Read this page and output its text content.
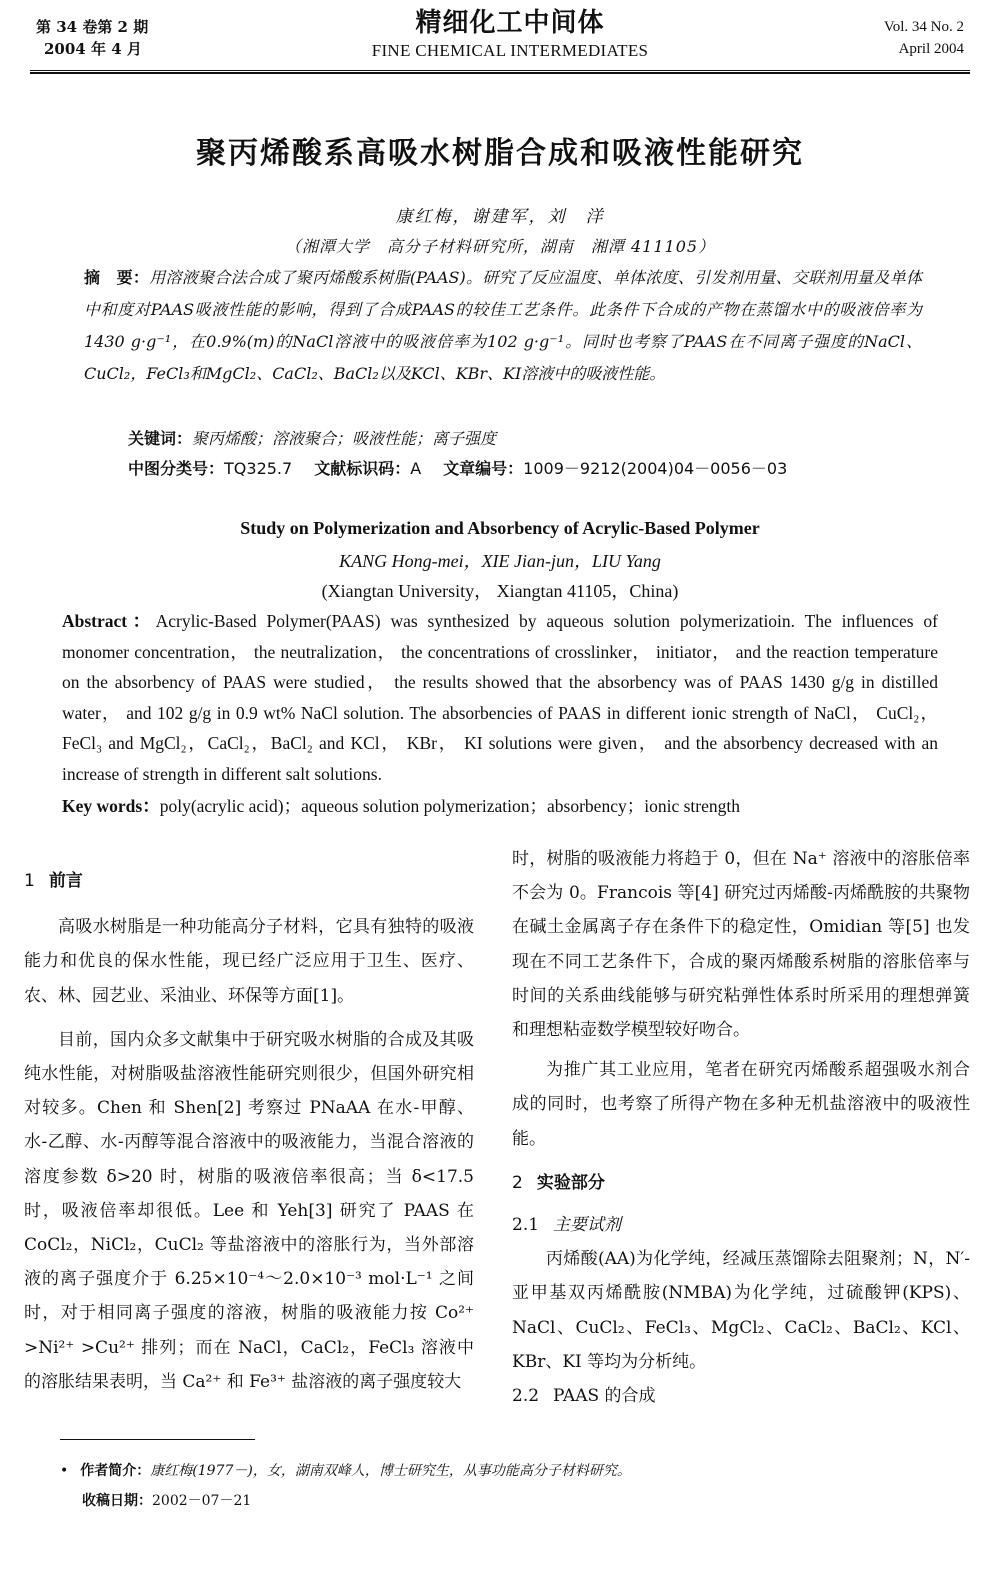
第 34 卷第 2 期
2004 年 4 月
精细化工中间体
FINE CHEMICAL INTERMEDIATES
Vol. 34 No. 2
April 2004
聚丙烯酸系高吸水树脂合成和吸液性能研究
康红梅，谢建军，刘　洋
（湘潭大学　高分子材料研究所，湖南　湘潭 411105）
摘　要：用溶液聚合法合成了聚丙烯酸系树脂(PAAS)。研究了反应温度、单体浓度、引发剂用量、交联剂用量及单体中和度对PAAS吸液性能的影响，得到了合成PAAS的较佳工艺条件。此条件下合成的产物在蒸馏水中的吸液倍率为1430 g·g⁻¹，在0.9%(m)的NaCl溶液中的吸液倍率为102 g·g⁻¹。同时也考察了PAAS在不同离子强度的NaCl、CuCl₂，FeCl₃和MgCl₂、CaCl₂、BaCl₂以及KCl、KBr、KI溶液中的吸液性能。
关键词：聚丙烯酸；溶液聚合；吸液性能；离子强度
中图分类号：TQ325.7 文献标识码：A 文章编号：1009－9212(2004)04－0056－03
Study on Polymerization and Absorbency of Acrylic-Based Polymer
KANG Hong-mei，XIE Jian-jun，LIU Yang
(Xiangtan University， Xiangtan 41105，China)
Abstract：Acrylic-Based Polymer(PAAS) was synthesized by aqueous solution polymerizatioin. The influences of monomer concentration， the neutralization， the concentrations of crosslinker， initiator， and the reaction temperature on the absorbency of PAAS were studied， the results showed that the absorbency was of PAAS 1430 g/g in distilled water， and 102 g/g in 0.9 wt% NaCl solution. The absorbencies of PAAS in different ionic strength of NaCl， CuCl₂， FeCl₃ and MgCl₂，CaCl₂，BaCl₂ and KCl， KBr， KI solutions were given， and the absorbency decreased with an increase of strength in different salt solutions.
Key words：poly(acrylic acid)；aqueous solution polymerization；absorbency；ionic strength
1 前言

高吸水树脂是一种功能高分子材料，它具有独特的吸液能力和优良的保水性能，现已经广泛应用于卫生、医疗、农、林、园艺业、采油业、环保等方面[1]。

目前，国内众多文献集中于研究吸水树脂的合成及其吸纯水性能，对树脂吸盐溶液性能研究则很少，但国外研究相对较多。Chen 和 Shen[2] 考察过 PNaAA 在水-甲醇、水-乙醇、水-丙醇等混合溶液中的吸液能力，当混合溶液的溶度参数 δ>20 时，树脂的吸液倍率很高；当 δ<17.5 时，吸液倍率却很低。Lee 和 Yeh[3] 研究了 PAAS 在 CoCl₂，NiCl₂，CuCl₂ 等盐溶液中的溶胀行为，当外部溶液的离子强度介于 6.25×10⁻⁴～2.0×10⁻³ mol·L⁻¹ 之间时，对于相同离子强度的溶液，树脂的吸液能力按 Co²⁺ >Ni²⁺ >Cu²⁺ 排列；而在 NaCl，CaCl₂，FeCl₃ 溶液中的溶胀结果表明，当 Ca²⁺ 和 Fe³⁺ 盐溶液的离子强度较大

时，树脂的吸液能力将趋于 0，但在 Na⁺ 溶液中的溶胀倍率不会为 0。Francois 等[4] 研究过丙烯酸-丙烯酰胺的共聚物在碱土金属离子存在条件下的稳定性，Omidian 等[5] 也发现在不同工艺条件下，合成的聚丙烯酸系树脂的溶胀倍率与时间的关系曲线能够与研究粘弹性体系时所采用的理想弹簧和理想粘壶数学模型较好吻合。

为推广其工业应用，笔者在研究丙烯酸系超强吸水剂合成的同时，也考察了所得产物在多种无机盐溶液中的吸液性能。

2 实验部分
2.1 主要试剂

丙烯酸(AA)为化学纯，经减压蒸馏除去阻聚剂；N，N′-亚甲基双丙烯酰胺(NMBA)为化学纯，过硫酸钾(KPS)、NaCl、CuCl₂、FeCl₃、MgCl₂、CaCl₂、BaCl₂、KCl、KBr、KI 等均为分析纯。

2.2 PAAS 的合成
• 作者简介：康红梅(1977－)，女，湖南双峰人，博士研究生，从事功能高分子材料研究。
收稿日期：2002－07－21
